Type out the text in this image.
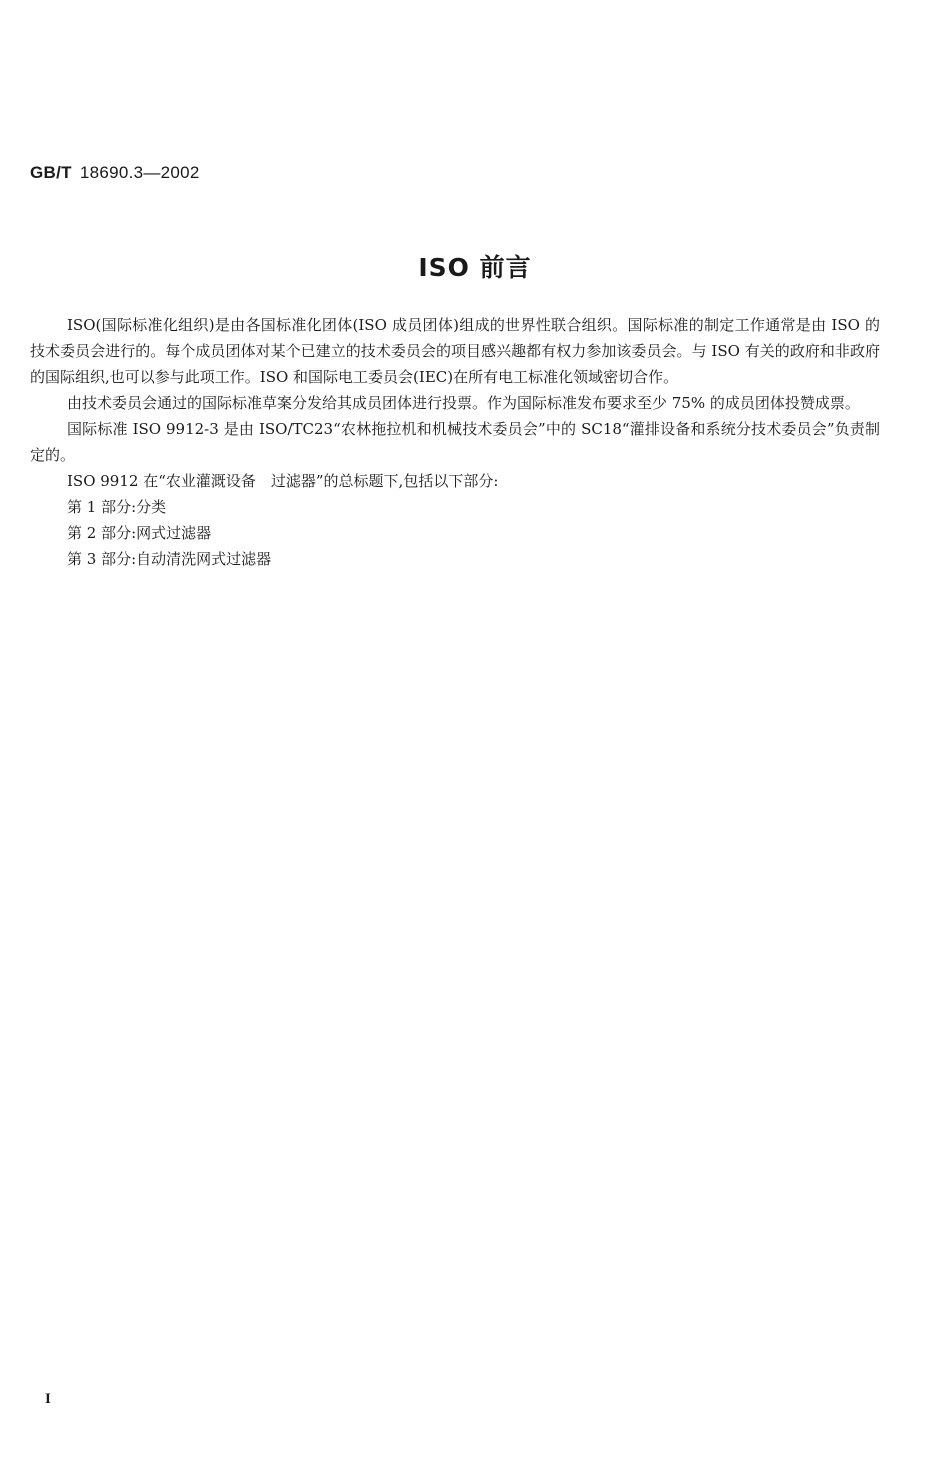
GB/T 18690.3—2002
ISO 前言

ISO(国际标准化组织)是由各国标准化团体(ISO 成员团体)组成的世界性联合组织。国际标准的制定工作通常是由 ISO 的技术委员会进行的。每个成员团体对某个已建立的技术委员会的项目感兴趣都有权力参加该委员会。与 ISO 有关的政府和非政府的国际组织,也可以参与此项工作。ISO 和国际电工委员会(IEC)在所有电工标准化领域密切合作。

由技术委员会通过的国际标准草案分发给其成员团体进行投票。作为国际标准发布要求至少 75% 的成员团体投赞成票。

国际标准 ISO 9912-3 是由 ISO/TC23“农林拖拉机和机械技术委员会”中的 SC18“灌排设备和系统分技术委员会”负责制定的。

ISO 9912 在“农业灌溉设备　过滤器”的总标题下,包括以下部分:

第 1 部分:分类
第 2 部分:网式过滤器
第 3 部分:自动清洗网式过滤器
I
